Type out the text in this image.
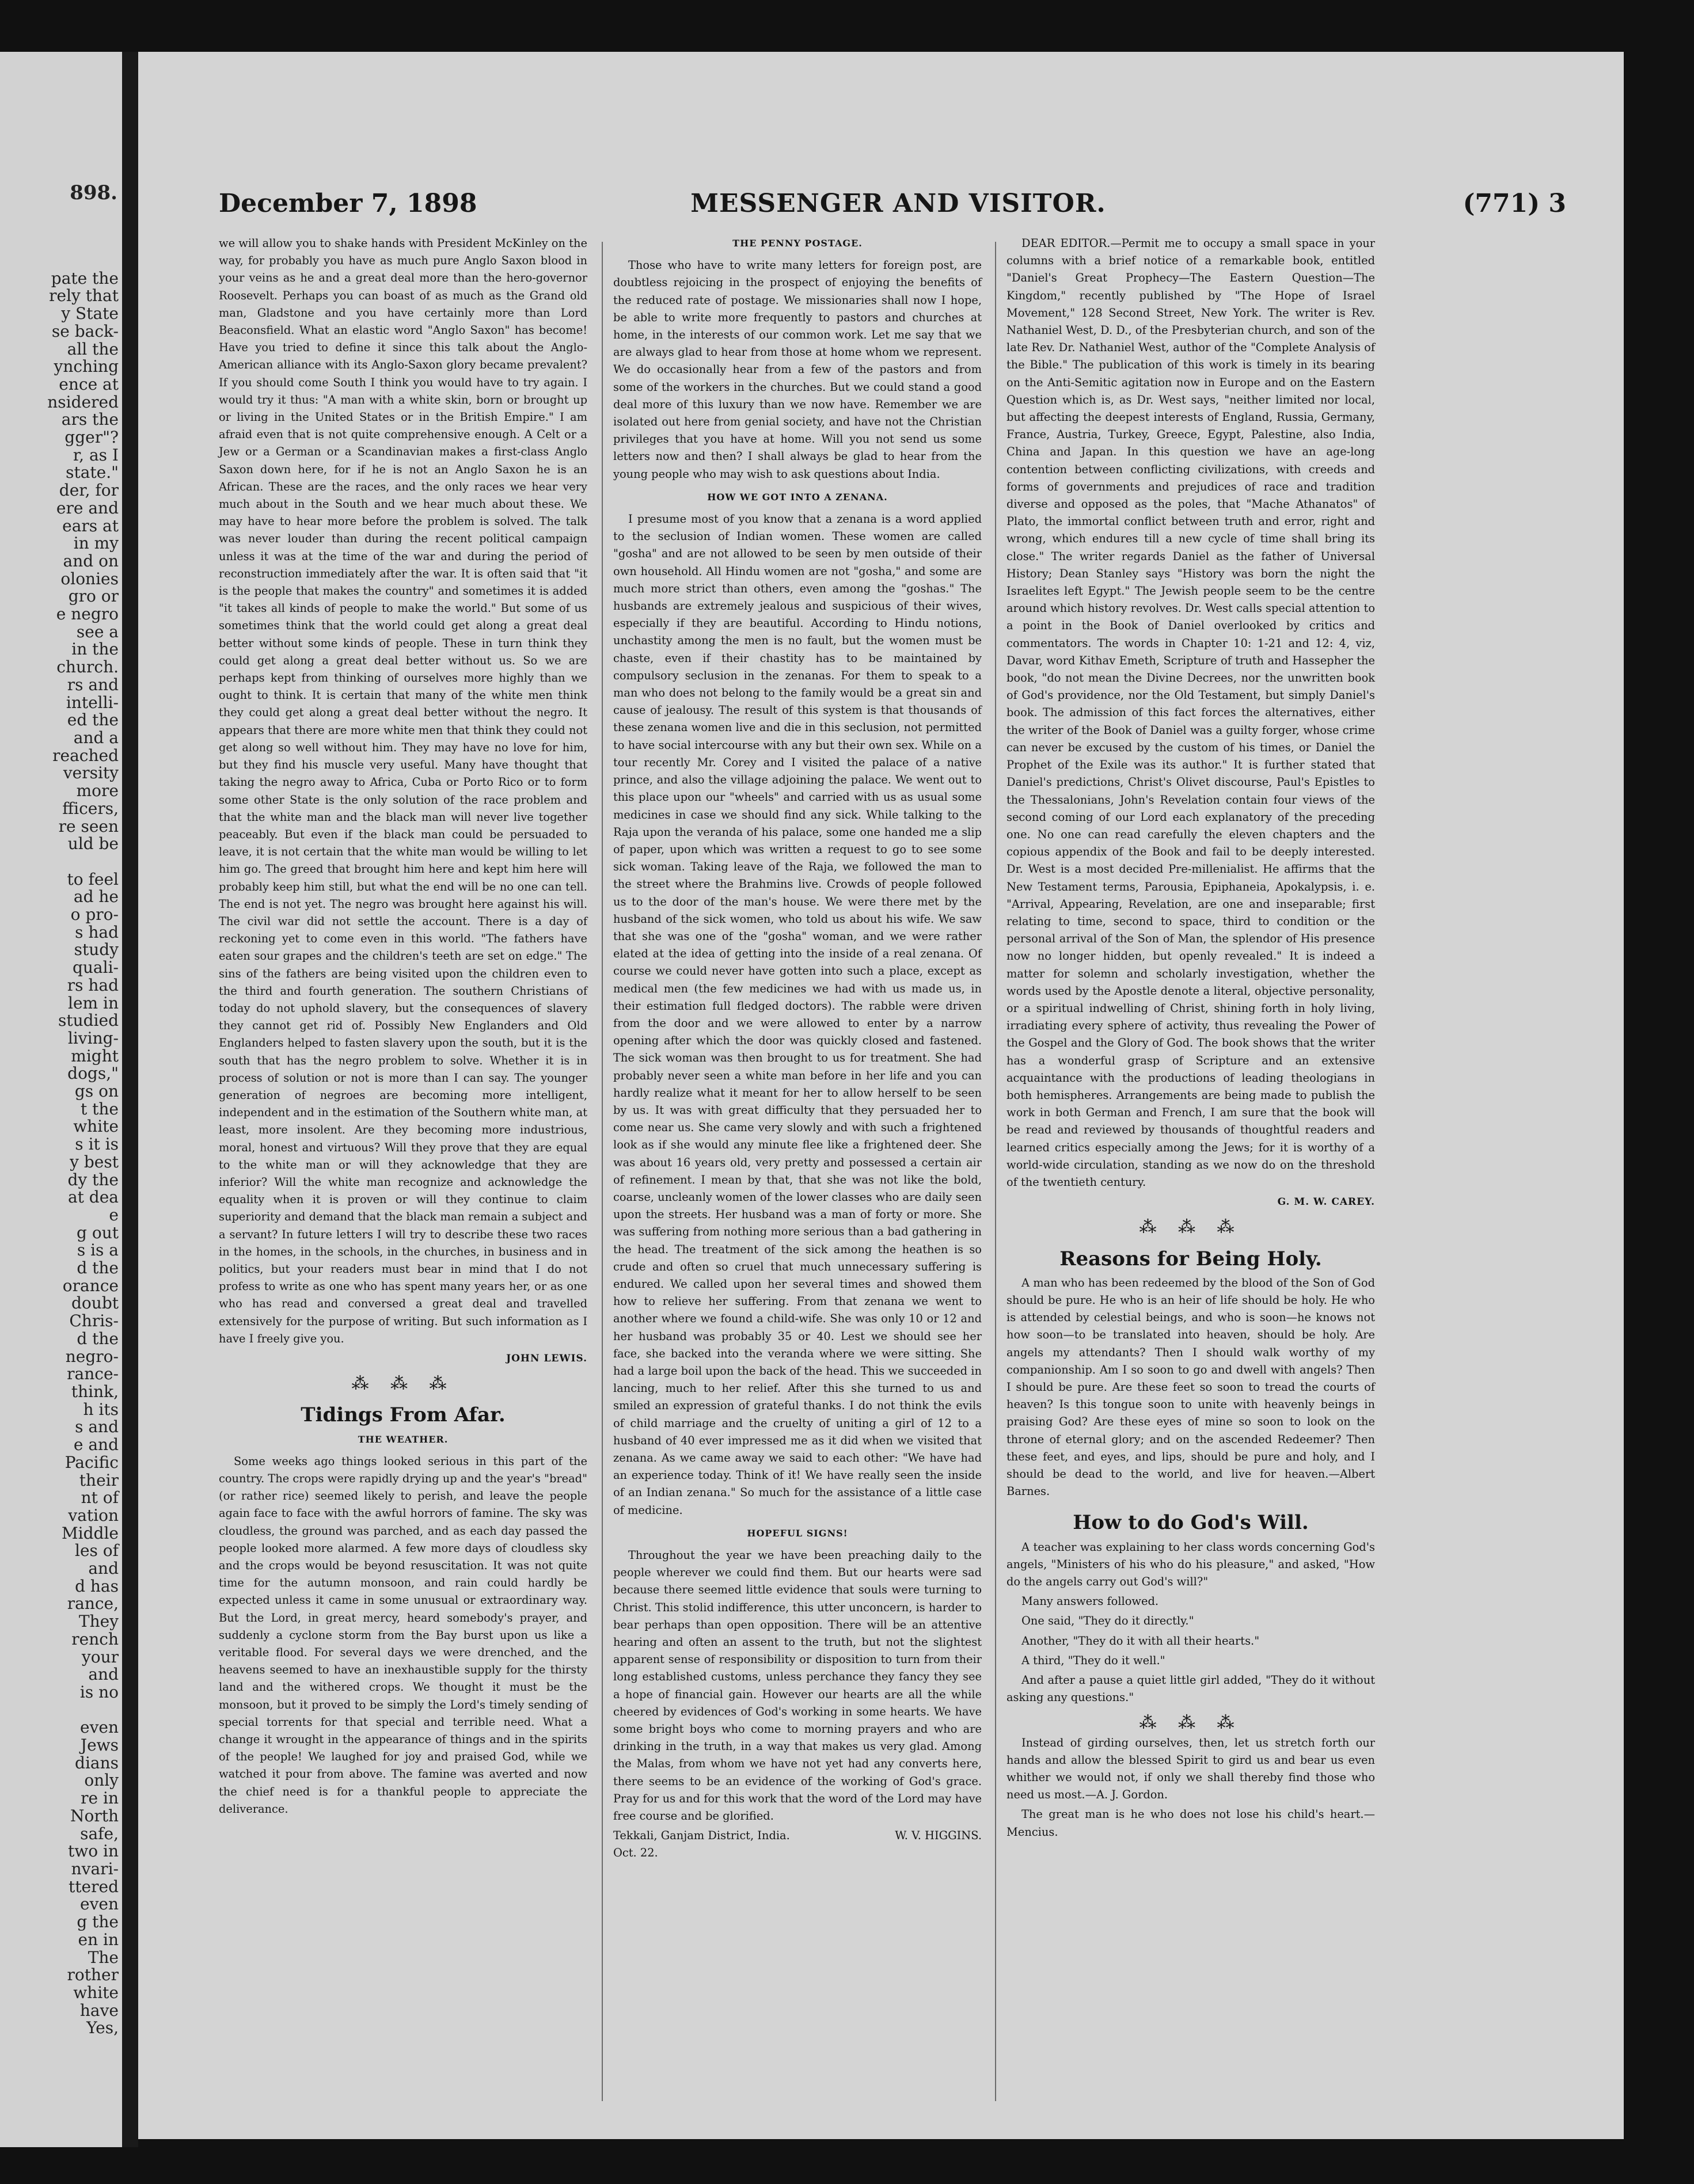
898.
pate the
rely that
y State
se back-
all the
ynching
ence at
nsidered
ars the
gger"?
r, as I
state."
der, for
ere and
ears at
in my
and on
olonies
gro or
e negro
see a
in the
church.
rs and
intelli-
ed the
and a
reached
versity
more
fficers,
re seen
uld be

to feel
ad he
o pro-
s had
study
quali-
rs had
lem in
studied
living-
might
dogs,"
gs on
t the
white
s it is
y best
dy the
at dea
e
g out
s is a
d the
orance
doubt
Chris-
d the
negro-
rance-
think,
h its
s and
e and
Pacific
their
nt of
vation
Middle
les of
and
d has
rance,
They
rench
your
and
is no

even
Jews
dians
only
re in
North
safe,
two in
nvari-
ttered
even
g the
en in
The
rother
white
have
Yes,
December 7, 1898	MESSENGER AND VISITOR.	(771) 3

we will allow you to shake hands with President McKinley on the way, for probably you have as much pure Anglo Saxon blood in your veins as he and a great deal more than the hero-governor Roosevelt. Perhaps you can boast of as much as the Grand old man, Gladstone and you have certainly more than Lord Beaconsfield. What an elastic word "Anglo Saxon" has become! Have you tried to define it since this talk about the Anglo-American alliance with its Anglo-Saxon glory became prevalent? If you should come South I think you would have to try again. I would try it thus: "A man with a white skin, born or brought up or living in the United States or in the British Empire." I am afraid even that is not quite comprehensive enough. A Celt or a Jew or a German or a Scandinavian makes a first-class Anglo Saxon down here, for if he is not an Anglo Saxon he is an African. These are the races, and the only races we hear very much about in the South and we hear much about these. We may have to hear more before the problem is solved. The talk was never louder than during the recent political campaign unless it was at the time of the war and during the period of reconstruction immediately after the war. It is often said that "it is the people that makes the country" and sometimes it is added "it takes all kinds of people to make the world." But some of us sometimes think that the world could get along a great deal better without some kinds of people. These in turn think they could get along a great deal better without us. So we are perhaps kept from thinking of ourselves more highly than we ought to think. It is certain that many of the white men think they could get along a great deal better without the negro. It appears that there are more white men that think they could not get along so well without him. They may have no love for him, but they find his muscle very useful. Many have thought that taking the negro away to Africa, Cuba or Porto Rico or to form some other State is the only solution of the race problem and that the white man and the black man will never live together peaceably. But even if the black man could be persuaded to leave, it is not certain that the white man would be willing to let him go. The greed that brought him here and kept him here will probably keep him still, but what the end will be no one can tell. The end is not yet. The negro was brought here against his will. The civil war did not settle the account. There is a day of reckoning yet to come even in this world. "The fathers have eaten sour grapes and the children's teeth are set on edge." The sins of the fathers are being visited upon the children even to the third and fourth generation. The southern Christians of today do not uphold slavery, but the consequences of slavery they cannot get rid of. Possibly New Englanders and Old Englanders helped to fasten slavery upon the south, but it is the south that has the negro problem to solve. Whether it is in process of solution or not is more than I can say. The younger generation of negroes are becoming more intelligent, independent and in the estimation of the Southern white man, at least, more insolent. Are they becoming more industrious, moral, honest and virtuous? Will they prove that they are equal to the white man or will they acknowledge that they are inferior? Will the white man recognize and acknowledge the equality when it is proven or will they continue to claim superiority and demand that the black man remain a subject and a servant? In future letters I will try to describe these two races in the homes, in the schools, in the churches, in business and in politics, but your readers must bear in mind that I do not profess to write as one who has spent many years her, or as one who has read and conversed a great deal and travelled extensively for the purpose of writing. But such information as I have I freely give you.

JOHN LEWIS.
⁂ ⁂ ⁂
Tidings From Afar.
THE WEATHER.

Some weeks ago things looked serious in this part of the country. The crops were rapidly drying up and the year's "bread" (or rather rice) seemed likely to perish, and leave the people again face to face with the awful horrors of famine. The sky was cloudless, the ground was parched, and as each day passed the people looked more alarmed. A few more days of cloudless sky and the crops would be beyond resuscitation. It was not quite time for the autumn monsoon, and rain could hardly be expected unless it came in some unusual or extraordinary way. But the Lord, in great mercy, heard somebody's prayer, and suddenly a cyclone storm from the Bay burst upon us like a veritable flood. For several days we were drenched, and the heavens seemed to have an inexhaustible supply for the thirsty land and the withered crops. We thought it must be the monsoon, but it proved to be simply the Lord's timely sending of special torrents for that special and terrible need. What a change it wrought in the appearance of things and in the spirits of the people! We laughed for joy and praised God, while we watched it pour from above. The famine was averted and now the chief need is for a thankful people to appreciate the deliverance.

THE PENNY POSTAGE.

Those who have to write many letters for foreign post, are doubtless rejoicing in the prospect of enjoying the benefits of the reduced rate of postage. We missionaries shall now I hope, be able to write more frequently to pastors and churches at home, in the interests of our common work. Let me say that we are always glad to hear from those at home whom we represent. We do occasionally hear from a few of the pastors and from some of the workers in the churches. But we could stand a good deal more of this luxury than we now have. Remember we are isolated out here from genial society, and have not the Christian privileges that you have at home. Will you not send us some letters now and then? I shall always be glad to hear from the young people who may wish to ask questions about India.

HOW WE GOT INTO A ZENANA.

I presume most of you know that a zenana is a word applied to the seclusion of Indian women. These women are called "gosha" and are not allowed to be seen by men outside of their own household. All Hindu women are not "gosha," and some are much more strict than others, even among the "goshas." The husbands are extremely jealous and suspicious of their wives, especially if they are beautiful. According to Hindu notions, unchastity among the men is no fault, but the women must be chaste, even if their chastity has to be maintained by compulsory seclusion in the zenanas. For them to speak to a man who does not belong to the family would be a great sin and cause of jealousy. The result of this system is that thousands of these zenana women live and die in this seclusion, not permitted to have social intercourse with any but their own sex. While on a tour recently Mr. Corey and I visited the palace of a native prince, and also the village adjoining the palace. We went out to this place upon our "wheels" and carried with us as usual some medicines in case we should find any sick. While talking to the Raja upon the veranda of his palace, some one handed me a slip of paper, upon which was written a request to go to see some sick woman. Taking leave of the Raja, we followed the man to the street where the Brahmins live. Crowds of people followed us to the door of the man's house. We were there met by the husband of the sick women, who told us about his wife. We saw that she was one of the "gosha" woman, and we were rather elated at the idea of getting into the inside of a real zenana. Of course we could never have gotten into such a place, except as medical men (the few medicines we had with us made us, in their estimation full fledged doctors). The rabble were driven from the door and we were allowed to enter by a narrow opening after which the door was quickly closed and fastened. The sick woman was then brought to us for treatment. She had probably never seen a white man before in her life and you can hardly realize what it meant for her to allow herself to be seen by us. It was with great difficulty that they persuaded her to come near us. She came very slowly and with such a frightened look as if she would any minute flee like a frightened deer. She was about 16 years old, very pretty and possessed a certain air of refinement. I mean by that, that she was not like the bold, coarse, uncleanly women of the lower classes who are daily seen upon the streets. Her husband was a man of forty or more. She was suffering from nothing more serious than a bad gathering in the head. The treatment of the sick among the heathen is so crude and often so cruel that much unnecessary suffering is endured. We called upon her several times and showed them how to relieve her suffering. From that zenana we went to another where we found a child-wife. She was only 10 or 12 and her husband was probably 35 or 40. Lest we should see her face, she backed into the veranda where we were sitting. She had a large boil upon the back of the head. This we succeeded in lancing, much to her relief. After this she turned to us and smiled an expression of grateful thanks. I do not think the evils of child marriage and the cruelty of uniting a girl of 12 to a husband of 40 ever impressed me as it did when we visited that zenana. As we came away we said to each other: "We have had an experience today. Think of it! We have really seen the inside of an Indian zenana." So much for the assistance of a little case of medicine.

HOPEFUL SIGNS!

Throughout the year we have been preaching daily to the people wherever we could find them. But our hearts were sad because there seemed little evidence that souls were turning to Christ. This stolid indifference, this utter unconcern, is harder to bear perhaps than open opposition. There will be an attentive hearing and often an assent to the truth, but not the slightest apparent sense of responsibility or disposition to turn from their long established customs, unless perchance they fancy they see a hope of financial gain. However our hearts are all the while cheered by evidences of God's working in some hearts. We have some bright boys who come to morning prayers and who are drinking in the truth, in a way that makes us very glad. Among the Malas, from whom we have not yet had any converts here, there seems to be an evidence of the working of God's grace. Pray for us and for this work that the word of the Lord may have free course and be glorified.

Tekkali, Ganjam District, India.	W. V. HIGGINS.
Oct. 22.

DEAR EDITOR.—Permit me to occupy a small space in your columns with a brief notice of a remarkable book, entitled "Daniel's Great Prophecy—The Eastern Question—The Kingdom," recently published by "The Hope of Israel Movement," 128 Second Street, New York. The writer is Rev. Nathaniel West, D. D., of the Presbyterian church, and son of the late Rev. Dr. Nathaniel West, author of the "Complete Analysis of the Bible." The publication of this work is timely in its bearing on the Anti-Semitic agitation now in Europe and on the Eastern Question which is, as Dr. West says, "neither limited nor local, but affecting the deepest interests of England, Russia, Germany, France, Austria, Turkey, Greece, Egypt, Palestine, also India, China and Japan. In this question we have an age-long contention between conflicting civilizations, with creeds and forms of governments and prejudices of race and tradition diverse and opposed as the poles, that "Mache Athanatos" of Plato, the immortal conflict between truth and error, right and wrong, which endures till a new cycle of time shall bring its close." The writer regards Daniel as the father of Universal History; Dean Stanley says "History was born the night the Israelites left Egypt." The Jewish people seem to be the centre around which history revolves. Dr. West calls special attention to a point in the Book of Daniel overlooked by critics and commentators. The words in Chapter 10: 1-21 and 12: 4, viz, Davar, word Kithav Emeth, Scripture of truth and Hassepher the book, "do not mean the Divine Decrees, nor the unwritten book of God's providence, nor the Old Testament, but simply Daniel's book. The admission of this fact forces the alternatives, either the writer of the Book of Daniel was a guilty forger, whose crime can never be excused by the custom of his times, or Daniel the Prophet of the Exile was its author." It is further stated that Daniel's predictions, Christ's Olivet discourse, Paul's Epistles to the Thessalonians, John's Revelation contain four views of the second coming of our Lord each explanatory of the preceding one. No one can read carefully the eleven chapters and the copious appendix of the Book and fail to be deeply interested. Dr. West is a most decided Pre-millenialist. He affirms that the New Testament terms, Parousia, Epiphaneia, Apokalypsis, i. e. "Arrival, Appearing, Revelation, are one and inseparable; first relating to time, second to space, third to condition or the personal arrival of the Son of Man, the splendor of His presence now no longer hidden, but openly revealed." It is indeed a matter for solemn and scholarly investigation, whether the words used by the Apostle denote a literal, objective personality, or a spiritual indwelling of Christ, shining forth in holy living, irradiating every sphere of activity, thus revealing the Power of the Gospel and the Glory of God. The book shows that the writer has a wonderful grasp of Scripture and an extensive acquaintance with the productions of leading theologians in both hemispheres. Arrangements are being made to publish the work in both German and French, I am sure that the book will be read and reviewed by thousands of thoughtful readers and learned critics especially among the Jews; for it is worthy of a world-wide circulation, standing as we now do on the threshold of the twentieth century.

G. M. W. CAREY.
⁂ ⁂ ⁂
Reasons for Being Holy.

A man who has been redeemed by the blood of the Son of God should be pure. He who is an heir of life should be holy. He who is attended by celestial beings, and who is soon—he knows not how soon—to be translated into heaven, should be holy. Are angels my attendants? Then I should walk worthy of my companionship. Am I so soon to go and dwell with angels? Then I should be pure. Are these feet so soon to tread the courts of heaven? Is this tongue soon to unite with heavenly beings in praising God? Are these eyes of mine so soon to look on the throne of eternal glory; and on the ascended Redeemer? Then these feet, and eyes, and lips, should be pure and holy, and I should be dead to the world, and live for heaven.—Albert Barnes.

How to do God's Will.

A teacher was explaining to her class words concerning God's angels, "Ministers of his who do his pleasure," and asked, "How do the angels carry out God's will?"

Many answers followed.

One said, "They do it directly."

Another, "They do it with all their hearts."

A third, "They do it well."

And after a pause a quiet little girl added, "They do it without asking any questions."

⁂ ⁂ ⁂

Instead of girding ourselves, then, let us stretch forth our hands and allow the blessed Spirit to gird us and bear us even whither we would not, if only we shall thereby find those who need us most.—A. J. Gordon.

The great man is he who does not lose his child's heart.—Mencius.
